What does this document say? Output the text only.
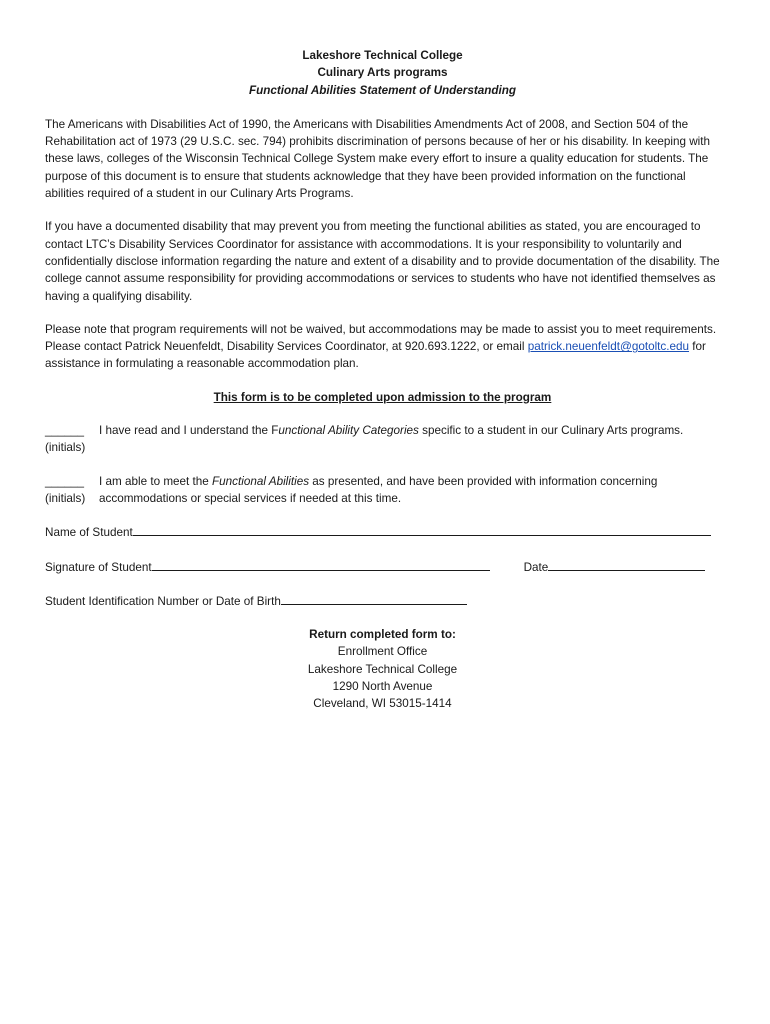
Lakeshore Technical College

Culinary Arts programs

Functional Abilities Statement of Understanding

The Americans with Disabilities Act of 1990, the Americans with Disabilities Amendments Act of 2008, and Section 504 of the Rehabilitation act of 1973 (29 U.S.C. sec. 794) prohibits discrimination of persons because of her or his disability. In keeping with these laws, colleges of the Wisconsin Technical College System make every effort to insure a quality education for students. The purpose of this document is to ensure that students acknowledge that they have been provided information on the functional abilities required of a student in our Culinary Arts Programs.

If you have a documented disability that may prevent you from meeting the functional abilities as stated, you are encouraged to contact LTC’s Disability Services Coordinator for assistance with accommodations. It is your responsibility to voluntarily and confidentially disclose information regarding the nature and extent of a disability and to provide documentation of the disability. The college cannot assume responsibility for providing accommodations or services to students who have not identified themselves as having a qualifying disability.

Please note that program requirements will not be waived, but accommodations may be made to assist you to meet requirements. Please contact Patrick Neuenfeldt, Disability Services Coordinator, at 920.693.1222, or email patrick.neuenfeldt@gotoltc.edu for assistance in formulating a reasonable accommodation plan.

This form is to be completed upon admission to the program

______
(initials)
I have read and I understand the Functional Ability Categories specific to a student in our Culinary Arts programs.
______
(initials)
I am able to meet the Functional Abilities as presented, and have been provided with information concerning accommodations or special services if needed at this time.
Name of Student
Signature of Student	Date
Student Identification Number or Date of Birth

Return completed form to:

Enrollment Office

Lakeshore Technical College

1290 North Avenue

Cleveland, WI 53015-1414
